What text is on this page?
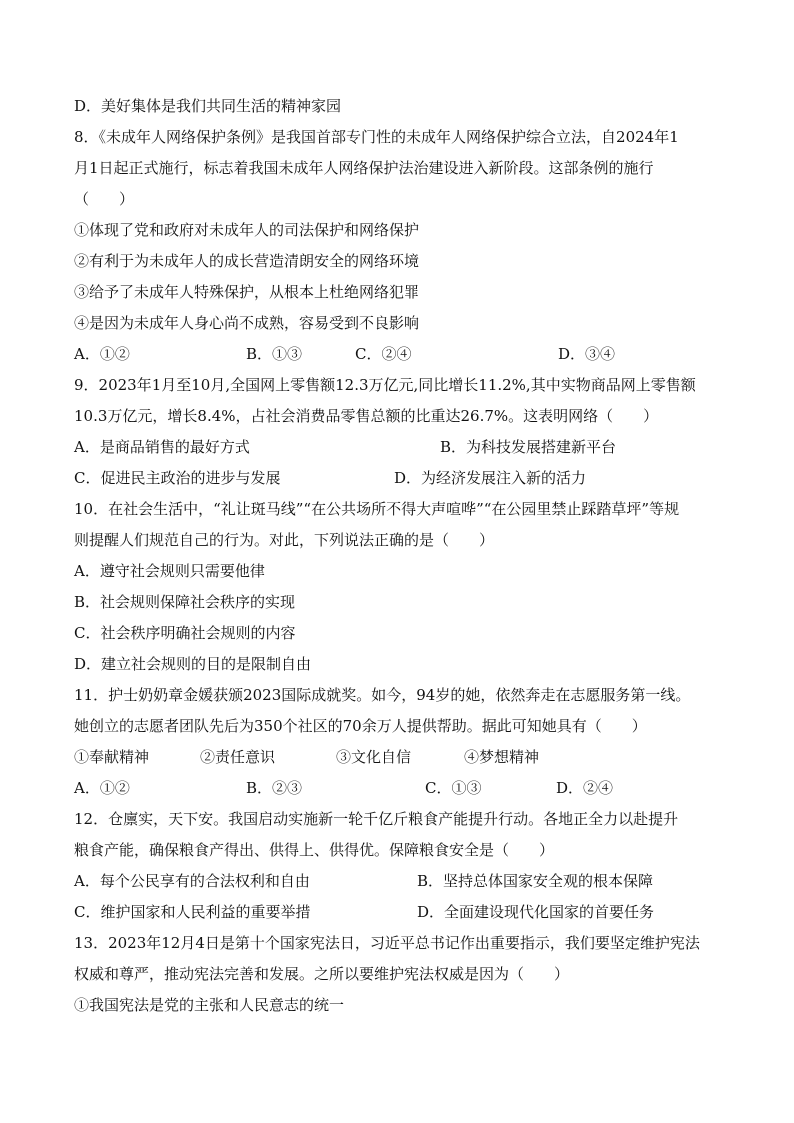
D．美好集体是我们共同生活的精神家园
8．《未成年人网络保护条例》是我国首部专门性的未成年人网络保护综合立法，自2024年1
月1日起正式施行，标志着我国未成年人网络保护法治建设进入新阶段。这部条例的施行
（　　）
①体现了党和政府对未成年人的司法保护和网络保护
②有利于为未成年人的成长营造清朗安全的网络环境
③给予了未成年人特殊保护，从根本上杜绝网络犯罪
④是因为未成年人身心尚不成熟，容易受到不良影响
A．①②	B．①③	C．②④	D．③④
9．2023年1月至10月,全国网上零售额12.3万亿元,同比增长11.2%,其中实物商品网上零售额
10.3万亿元，增长8.4%，占社会消费品零售总额的比重达26.7%。这表明网络（　　）
A．是商品销售的最好方式	B．为科技发展搭建新平台
C．促进民主政治的进步与发展	D．为经济发展注入新的活力
10．在社会生活中，“礼让斑马线”“在公共场所不得大声喧哗”“在公园里禁止踩踏草坪”等规
则提醒人们规范自己的行为。对此，下列说法正确的是（　　）
A．遵守社会规则只需要他律
B．社会规则保障社会秩序的实现
C．社会秩序明确社会规则的内容
D．建立社会规则的目的是限制自由
11．护士奶奶章金媛获颁2023国际成就奖。如今，94岁的她，依然奔走在志愿服务第一线。
她创立的志愿者团队先后为350个社区的70余万人提供帮助。据此可知她具有（　　）
①奉献精神	②责任意识	③文化自信	④梦想精神
A．①②	B．②③	C．①③	D．②④
12．仓廪实，天下安。我国启动实施新一轮千亿斤粮食产能提升行动。各地正全力以赴提升
粮食产能，确保粮食产得出、供得上、供得优。保障粮食安全是（　　）
A．每个公民享有的合法权利和自由	B．坚持总体国家安全观的根本保障
C．维护国家和人民利益的重要举措	D．全面建设现代化国家的首要任务
13．2023年12月4日是第十个国家宪法日，习近平总书记作出重要指示，我们要坚定维护宪法
权威和尊严，推动宪法完善和发展。之所以要维护宪法权威是因为（　　）
①我国宪法是党的主张和人民意志的统一
